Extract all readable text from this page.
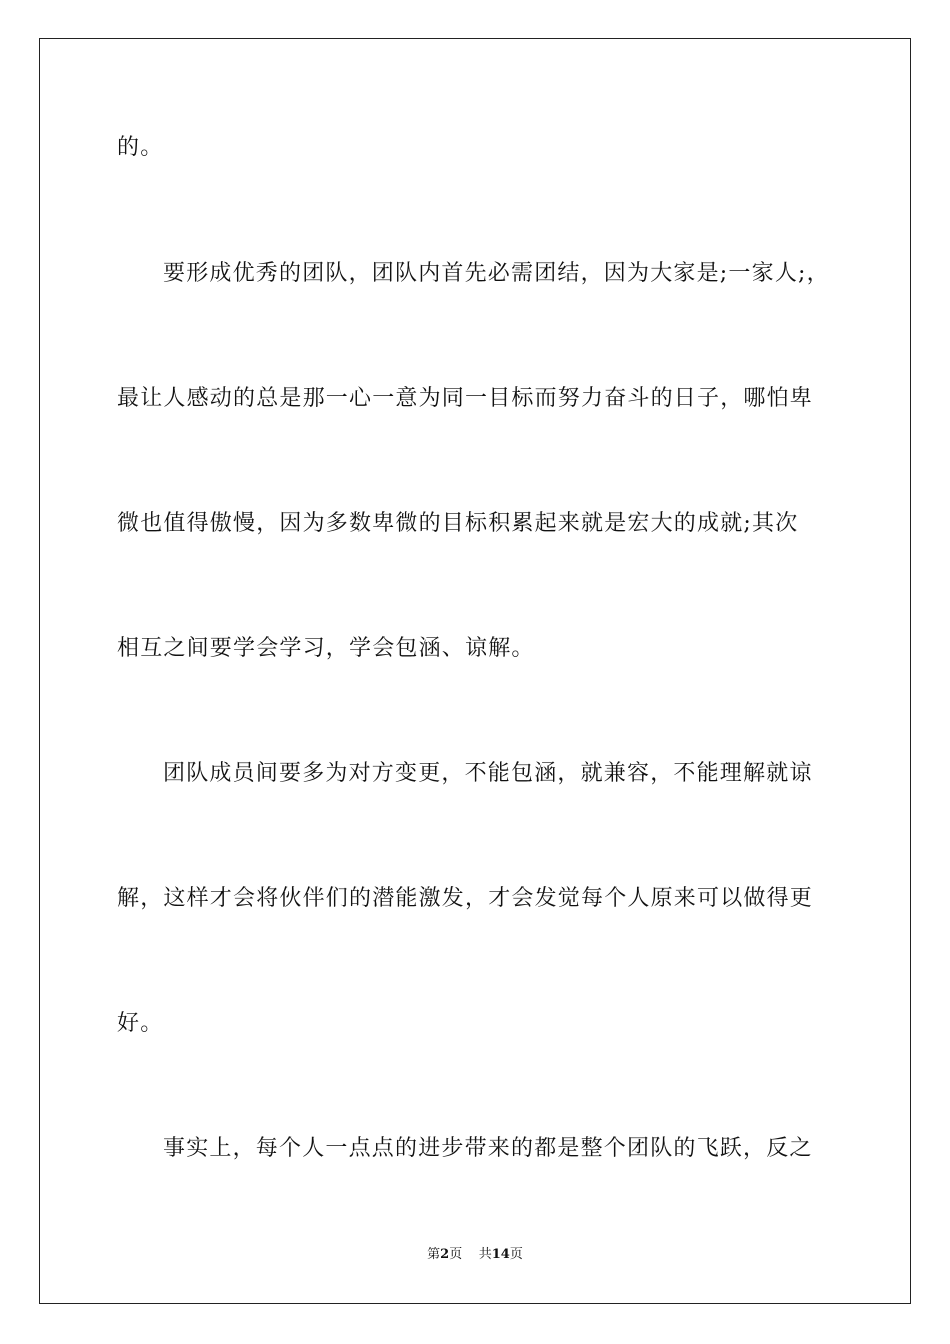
的。
要形成优秀的团队，团队内首先必需团结，因为大家是;一家人;，
最让人感动的总是那一心一意为同一目标而努力奋斗的日子，哪怕卑
微也值得傲慢，因为多数卑微的目标积累起来就是宏大的成就;其次
相互之间要学会学习，学会包涵、谅解。
团队成员间要多为对方变更，不能包涵，就兼容，不能理解就谅
解，这样才会将伙伴们的潜能激发，才会发觉每个人原来可以做得更
好。
事实上，每个人一点点的进步带来的都是整个团队的飞跃，反之
第2页 共14页
